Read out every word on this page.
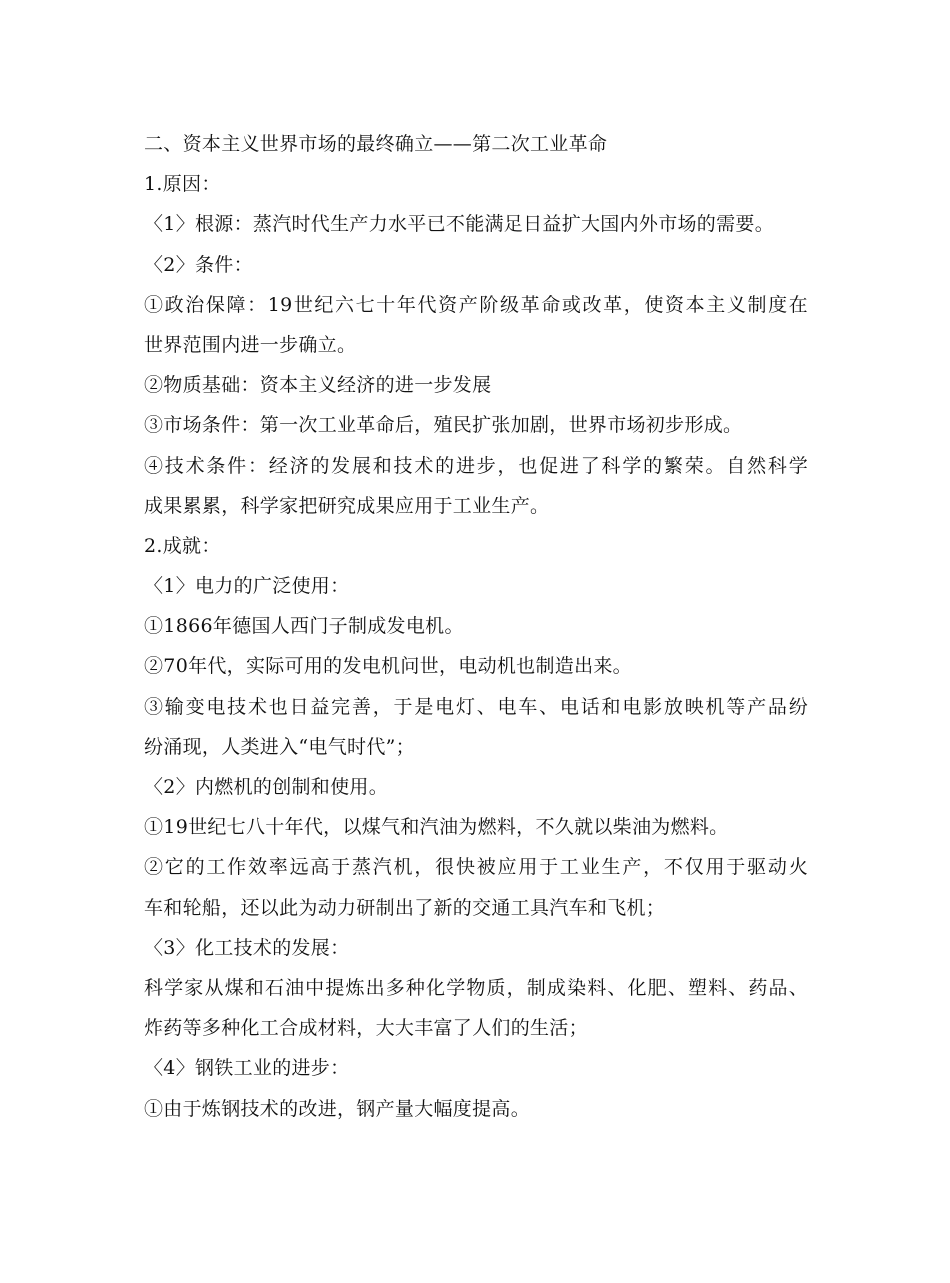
二、资本主义世界市场的最终确立——第二次工业革命
1.原因：
〈1〉根源：蒸汽时代生产力水平已不能满足日益扩大国内外市场的需要。
〈2〉条件：
①政治保障：19世纪六七十年代资产阶级革命或改革，使资本主义制度在
世界范围内进一步确立。
②物质基础：资本主义经济的进一步发展
③市场条件：第一次工业革命后，殖民扩张加剧，世界市场初步形成。
④技术条件：经济的发展和技术的进步，也促进了科学的繁荣。自然科学
成果累累，科学家把研究成果应用于工业生产。
2.成就：
〈1〉电力的广泛使用：
①1866年德国人西门子制成发电机。
②70年代，实际可用的发电机问世，电动机也制造出来。
③输变电技术也日益完善，于是电灯、电车、电话和电影放映机等产品纷
纷涌现，人类进入“电气时代”；
〈2〉内燃机的创制和使用。
①19世纪七八十年代，以煤气和汽油为燃料，不久就以柴油为燃料。
②它的工作效率远高于蒸汽机，很快被应用于工业生产，不仅用于驱动火
车和轮船，还以此为动力研制出了新的交通工具汽车和飞机；
〈3〉化工技术的发展：
科学家从煤和石油中提炼出多种化学物质，制成染料、化肥、塑料、药品、
炸药等多种化工合成材料，大大丰富了人们的生活；
〈4〉钢铁工业的进步：
①由于炼钢技术的改进，钢产量大幅度提高。
